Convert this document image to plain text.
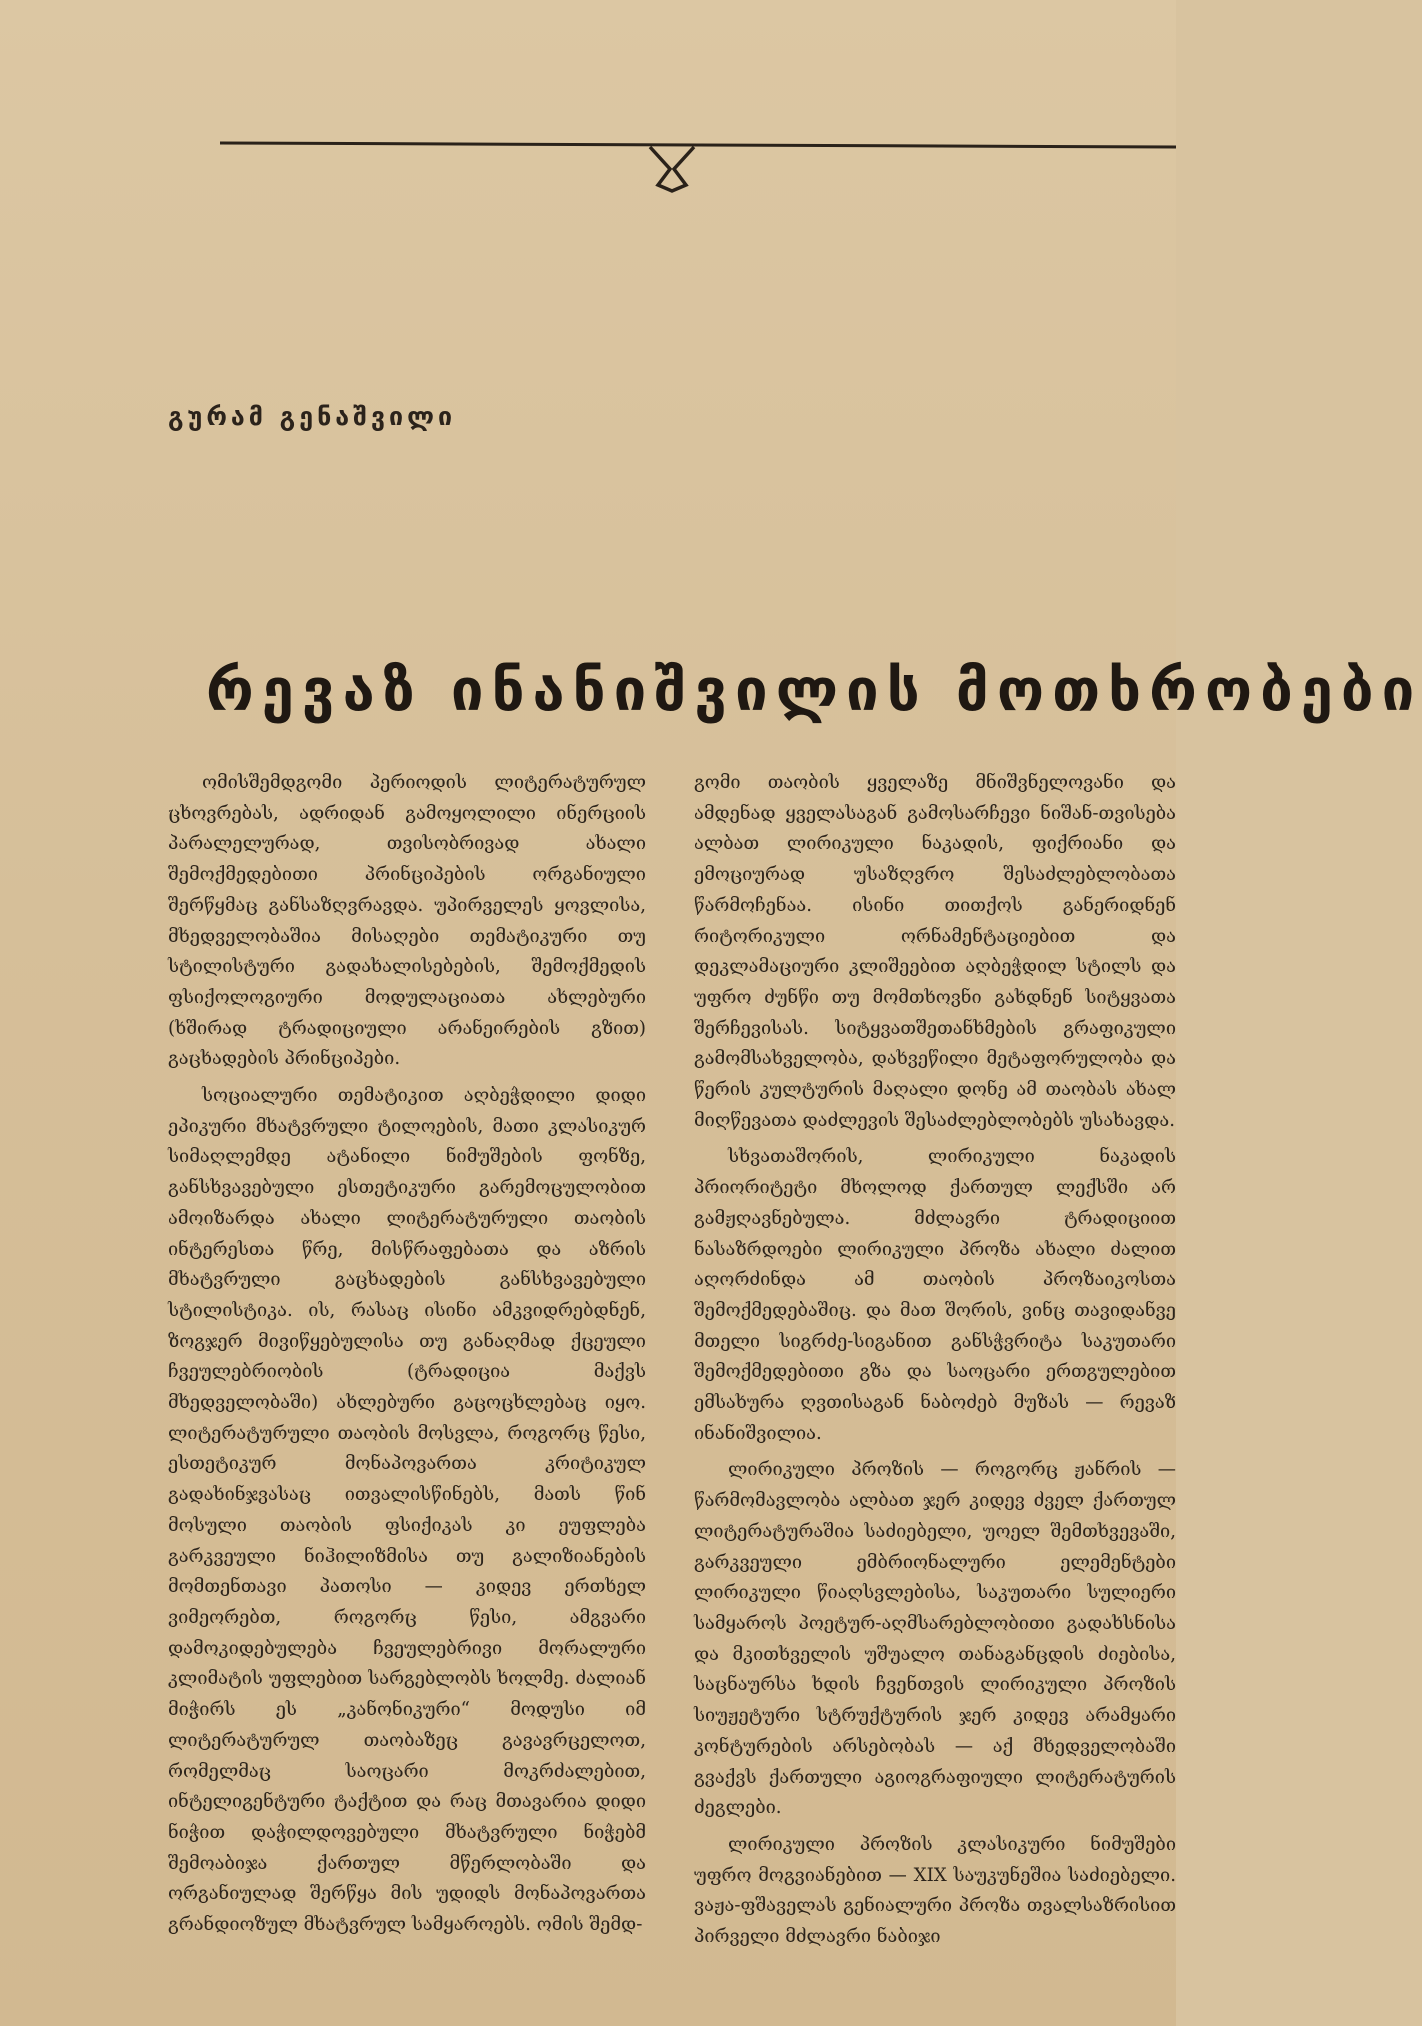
გურამ გენაშვილი
რევაზ ინანიშვილის მოთხრობები

ომისშემდგომი პერიოდის ლიტერატურულ ცხოვრებას, ადრიდან გამოყოლილი ინერციის პარალელურად, თვისობრივად ახალი შემოქმედებითი პრინციპების ორგანიული შერწყმაც განსაზღვრავდა. უპირველეს ყოვლისა, მხედველობაშია მისაღები თემატიკური თუ სტილისტური გადახალისებების, შემოქმედის ფსიქოლოგიური მოდულაციათა ახლებური (ხშირად ტრადიციული არანეირების გზით) გაცხადების პრინციპები.

სოციალური თემატიკით აღბეჭდილი დიდი ეპიკური მხატვრული ტილოების, მათი კლასიკურ სიმაღლემდე ატანილი ნიმუშების ფონზე, განსხვავებული ესთეტიკური გარემოცულობით ამოიზარდა ახალი ლიტერატურული თაობის ინტერესთა წრე, მისწრაფებათა და აზრის მხატვრული გაცხადების განსხვავებული სტილისტიკა. ის, რასაც ისინი ამკვიდრებდნენ, ზოგჯერ მივიწყებულისა თუ განაღმად ქცეული ჩვეულებრიობის (ტრადიცია მაქვს მხედველობაში) ახლებური გაცოცხლებაც იყო. ლიტერატურული თაობის მოსვლა, როგორც წესი, ესთეტიკურ მონაპოვართა კრიტიკულ გადახინჯვასაც ითვალისწინებს, მათს წინ მოსული თაობის ფსიქიკას კი ეუფლება გარკვეული ნიჰილიზმისა თუ გალიზიანების მომთენთავი პათოსი — კიდევ ერთხელ ვიმეორებთ, როგორც წესი, ამგვარი დამოკიდებულება ჩვეულებრივი მორალური კლიმატის უფლებით სარგებლობს ხოლმე. ძალიან მიჭირს ეს „კანონიკური“ მოდუსი იმ ლიტერატურულ თაობაზეც გავავრცელოთ, რომელმაც საოცარი მოკრძალებით, ინტელიგენტური ტაქტით და რაც მთავარია დიდი ნიჭით დაჭილდოვებული მხატვრული ნიჭებმ შემოაბიჯა ქართულ მწერლობაში და ორგანიულად შერწყა მის უდიდს მონაპოვართა გრანდიოზულ მხატვრულ სამყაროებს. ომის შემდ-

გომი თაობის ყველაზე მნიშვნელოვანი და ამდენად ყველასაგან გამოსარჩევი ნიშან-თვისება ალბათ ლირიკული ნაკადის, ფიქრიანი და ემოციურად უსაზღვრო შესაძლებლობათა წარმოჩენაა. ისინი თითქოს განერიდნენ რიტორიკული ორნამენტაციებით და დეკლამაციური კლიშეებით აღბეჭდილ სტილს და უფრო ძუნწი თუ მომთხოვნი გახდნენ სიტყვათა შერჩევისას. სიტყვათშეთანხმების გრაფიკული გამომსახველობა, დახვეწილი მეტაფორულობა და წერის კულტურის მაღალი დონე ამ თაობას ახალ მიღწევათა დაძლევის შესაძლებლობებს უსახავდა.

სხვათაშორის, ლირიკული ნაკადის პრიორიტეტი მხოლოდ ქართულ ლექსში არ გამჟღავნებულა. მძლავრი ტრადიციით ნასაზრდოები ლირიკული პროზა ახალი ძალით აღორძინდა ამ თაობის პროზაიკოსთა შემოქმედებაშიც. და მათ შორის, ვინც თავიდანვე მთელი სიგრძე-სიგანით განსჭვრიტა საკუთარი შემოქმედებითი გზა და საოცარი ერთგულებით ემსახურა ღვთისაგან ნაბოძებ მუზას — რევაზ ინანიშვილია.

ლირიკული პროზის — როგორც ჟანრის — წარმომავლობა ალბათ ჯერ კიდევ ძველ ქართულ ლიტერატურაშია საძიებელი, უოელ შემთხვევაში, გარკვეული ემბრიონალური ელემენტები ლირიკული წიაღსვლებისა, საკუთარი სულიერი სამყაროს პოეტურ-აღმსარებლობითი გადახსნისა და მკითხველის უშუალო თანაგანცდის ძიებისა, საცნაურსა ხდის ჩვენთვის ლირიკული პროზის სიუჟეტური სტრუქტურის ჯერ კიდევ არამყარი კონტურების არსებობას — აქ მხედველობაში გვაქვს ქართული აგიოგრაფიული ლიტერატურის ძეგლები.

ლირიკული პროზის კლასიკური ნიმუშები უფრო მოგვიანებით — XIX საუკუნეშია საძიებელი. ვაჟა-ფშაველას გენიალური პროზა თვალსაზრისით პირველი მძლავრი ნაბიჯი
